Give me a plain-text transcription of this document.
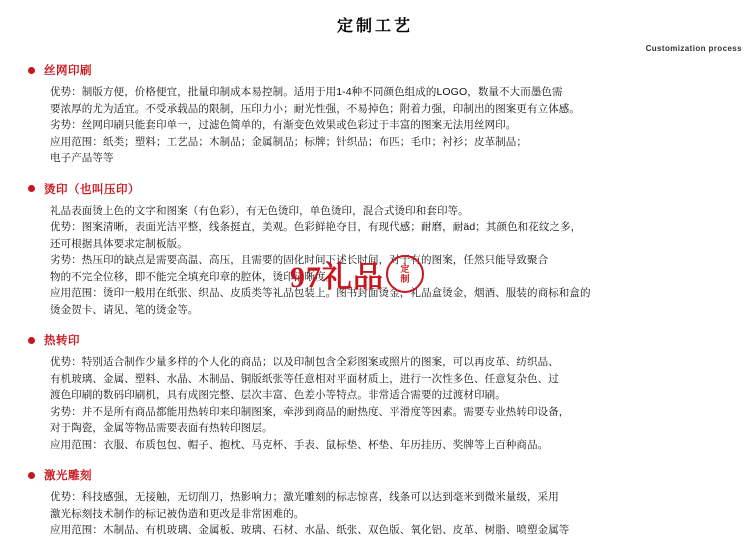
定制工艺
Customization process
丝网印刷

优势：制版方便，价格便宜，批量印制成本易控制。适用于用1-4种不同颜色组成的LOGO，数量不大而墨色需

要浓厚的尤为适宜。不受承载品的限制，压印力小；耐光性强，不易掉色；附着力强，印制出的图案更有立体感。

劣势：丝网印刷只能套印单一，过滤色简单的，有渐变色效果或色彩过于丰富的图案无法用丝网印。

应用范围：纸类；塑料；工艺品；木制品；金属制品；标牌；针织品；布匹；毛巾；衬衫；皮革制品；

电子产品等等

烫印（也叫压印）

礼品表面烫上色的文字和图案（有色彩），有无色烫印，单色烫印，混合式烫印和套印等。

优势：图案清晰，表面光洁平整，线条挺直，美观。色彩鲜艳夺目，有现代感；耐磨，耐äd；其颜色和花纹之多，

还可根据具体要求定制板版。

劣势：热压印的缺点是需要高温、高压，且需要的固化时间下述长时间，对于有的图案，任然只能导致聚合

物的不完全位移，即不能完全填充印章的腔体，烫印清晰度。

应用范围：烫印一般用在纸张、织品、皮质类等礼品包装上。图书封面烫金，礼品盒烫金，烟酒、服装的商标和盒的

烫金贺卡、请见、笔的烫金等。

热转印

优势：特别适合制作少量多样的个人化的商品；以及印制包含全彩图案或照片的图案，可以再皮革、纺织品、

有机玻璃、金属、塑料、水晶、木制品、铜版纸张等任意相对平面材质上，进行一次性多色、任意复杂色、过

渡色印刷的数码印刷机，具有成图完整、层次丰富、色差小等特点。非常适合需要的过渡材印刷。

劣势：并不是所有商品都能用热转印来印制图案，牵涉到商品的耐热度、平滑度等因素。需要专业热转印设备，

对于陶瓷，金属等物品需要表面有热转印图层。

应用范围：衣服、布质包包、帽子、抱枕、马克杯、手表、鼠标垫、杯垫、年历挂历、奖牌等上百种商品。

激光雕刻

优势：科技感强，无接触，无切削刀，热影响力；激光雕刻的标志惊喜，线条可以达到毫米到微米量级，采用

激光标刻技术制作的标记被伪造和更改是非常困难的。

应用范围：木制品、有机玻璃、金属板、玻璃、石材、水晶、纸张、双色版、氧化铝、皮革、树脂、喷塑金属等

97礼品 定
制
